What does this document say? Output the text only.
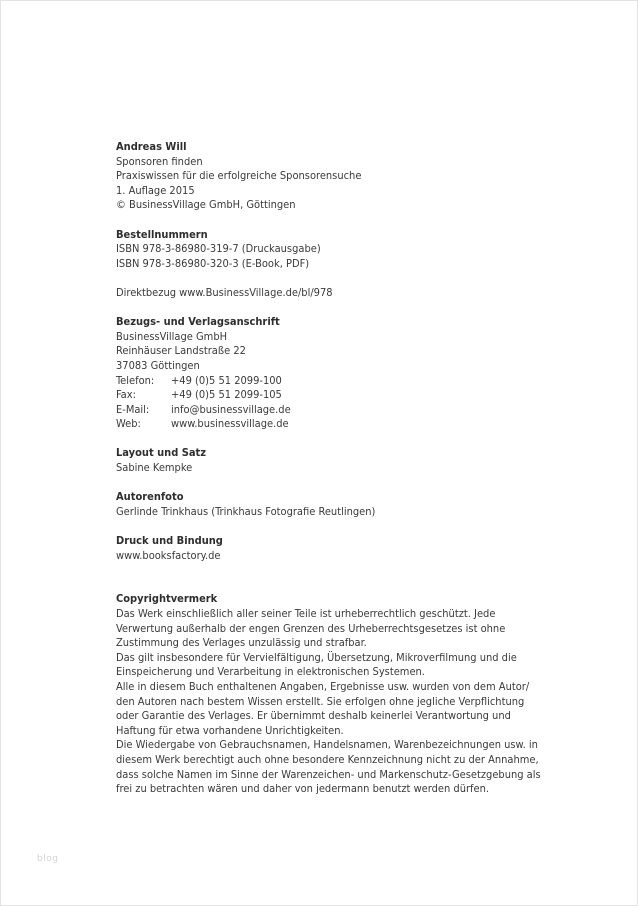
Andreas Will

Sponsoren finden

Praxiswissen für die erfolgreiche Sponsorensuche

1. Auflage 2015

© BusinessVillage GmbH, Göttingen

Bestellnummern

ISBN 978-3-86980-319-7 (Druckausgabe)

ISBN 978-3-86980-320-3 (E-Book, PDF)

Direktbezug www.BusinessVillage.de/bl/978

Bezugs- und Verlagsanschrift

BusinessVillage GmbH

Reinhäuser Landstraße 22

37083 Göttingen

Telefon:	+49 (0)5 51 2099-100
Fax:	+49 (0)5 51 2099-105
E-Mail:	info@businessvillage.de
Web:	www.businessvillage.de

Layout und Satz

Sabine Kempke

Autorenfoto

Gerlinde Trinkhaus (Trinkhaus Fotografie Reutlingen)

Druck und Bindung

www.booksfactory.de

Copyrightvermerk

Das Werk einschließlich aller seiner Teile ist urheberrechtlich geschützt. Jede

Verwertung außerhalb der engen Grenzen des Urheberrechtsgesetzes ist ohne

Zustimmung des Verlages unzulässig und strafbar.

Das gilt insbesondere für Vervielfältigung, Übersetzung, Mikroverfilmung und die

Einspeicherung und Verarbeitung in elektronischen Systemen.

Alle in diesem Buch enthaltenen Angaben, Ergebnisse usw. wurden von dem Autor/

den Autoren nach bestem Wissen erstellt. Sie erfolgen ohne jegliche Verpflichtung

oder Garantie des Verlages. Er übernimmt deshalb keinerlei Verantwortung und

Haftung für etwa vorhandene Unrichtigkeiten.

Die Wiedergabe von Gebrauchsnamen, Handelsnamen, Warenbezeichnungen usw. in

diesem Werk berechtigt auch ohne besondere Kennzeichnung nicht zu der Annahme,

dass solche Namen im Sinne der Warenzeichen- und Markenschutz-Gesetzgebung als

frei zu betrachten wären und daher von jedermann benutzt werden dürfen.

blog
